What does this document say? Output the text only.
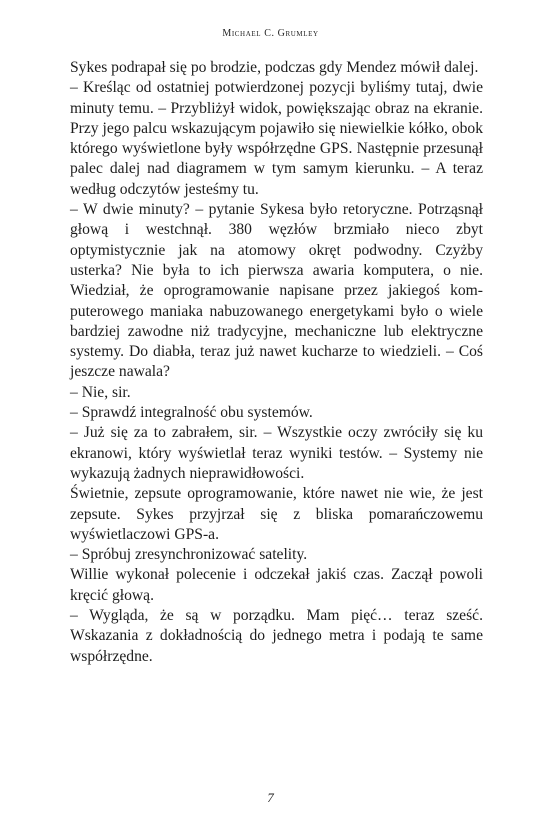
Michael C. Grumley

Sykes podrapał się po brodzie, podczas gdy Mendez mówił dalej.

– Kreśląc od ostatniej potwierdzonej pozycji byliśmy tutaj, dwie minuty temu. – Przybliżył widok, powiększając obraz na ekranie. Przy jego palcu wskazującym pojawiło się niewielkie kółko, obok którego wyświetlone były współrzędne GPS. Następnie przesunął palec dalej nad diagramem w tym samym kierunku. – A teraz według odczytów jesteśmy tu.

– W dwie minuty? – pytanie Sykesa było retoryczne. Potrząsnął głową i westchnął. 380 węzłów brzmiało nieco zbyt optymistycznie jak na atomowy okręt podwodny. Czyżby usterka? Nie była to ich pierwsza awaria komputera, o nie. Wiedział, że oprogramowanie napisane przez jakiegoś komputerowego maniaka nabuzowanego energetykami było o wiele bardziej zawodne niż tradycyjne, mechaniczne lub elektryczne systemy. Do diabła, teraz już nawet kucharze to wiedzieli. – Coś jeszcze nawala?

– Nie, sir.

– Sprawdź integralność obu systemów.

– Już się za to zabrałem, sir. – Wszystkie oczy zwróciły się ku ekranowi, który wyświetlał teraz wyniki testów. – Systemy nie wykazują żadnych nieprawidłowości.

Świetnie, zepsute oprogramowanie, które nawet nie wie, że jest zepsute. Sykes przyjrzał się z bliska pomarańczowemu wyświetlaczowi GPS-a.

– Spróbuj zresynchronizować satelity.

Willie wykonał polecenie i odczekał jakiś czas. Zaczął powoli kręcić głową.

– Wygląda, że są w porządku. Mam pięć… teraz sześć. Wskazania z dokładnością do jednego metra i podają te same współrzędne.

7
